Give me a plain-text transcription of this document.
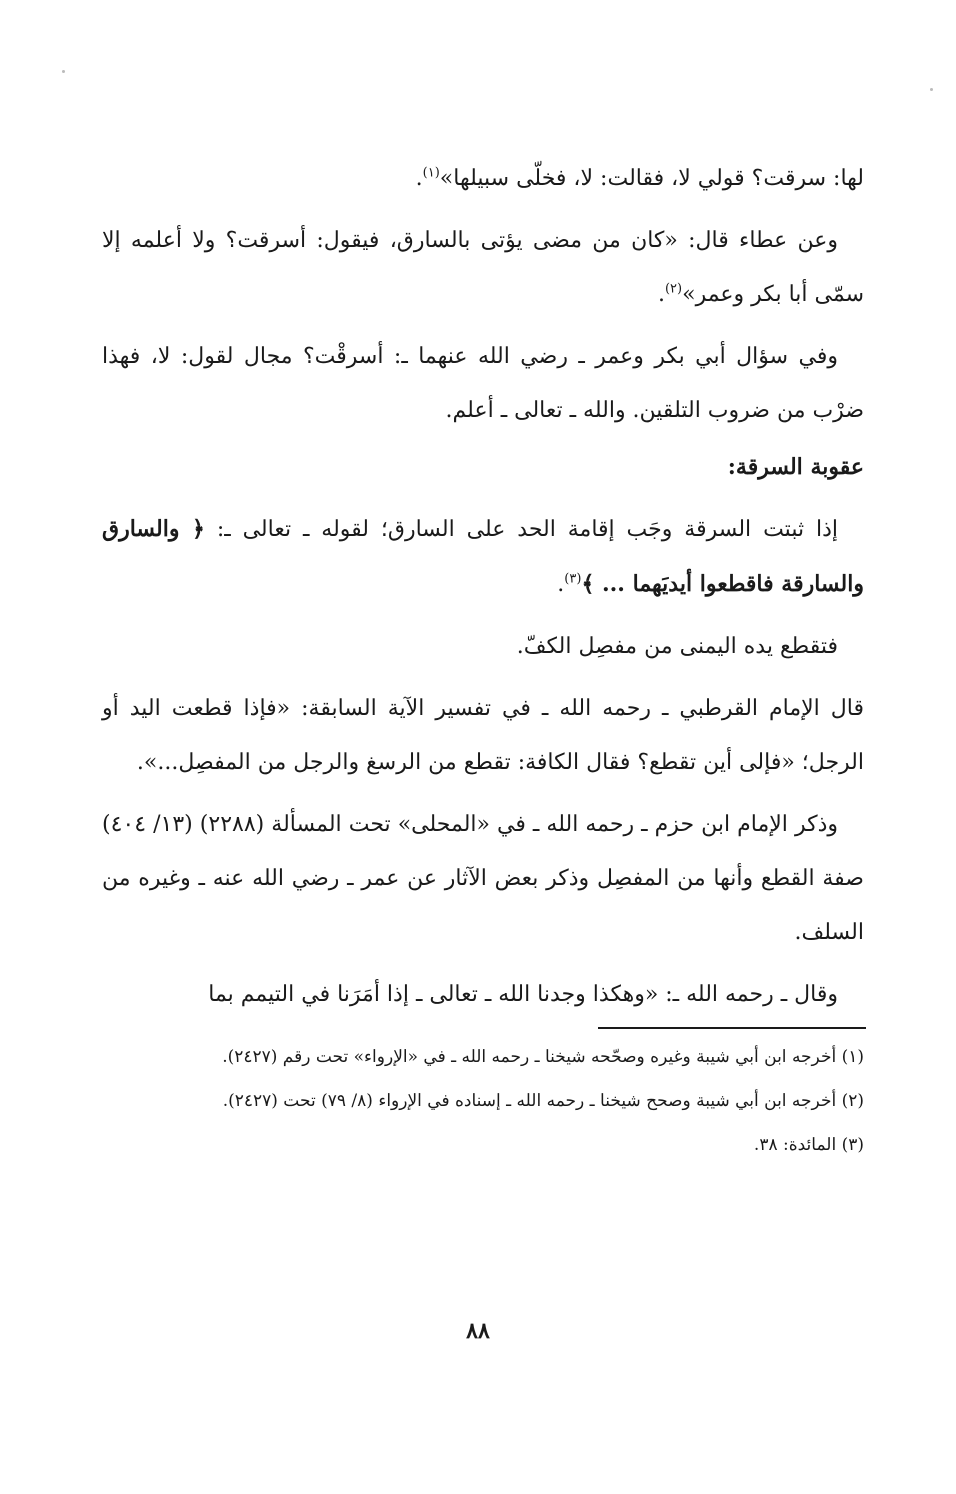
لها: سرقت؟ قولي لا، فقالت: لا، فخلّى سبيلها»$^{(١)}$.

وعن عطاء قال: «كان من مضى يؤتى بالسارق، فيقول: أسرقت؟ ولا أعلمه إلا سمّى أبا بكر وعمر»$^{(٢)}$.

وفي سؤال أبي بكر وعمر ـ رضي الله عنهما ـ: أسرقْت؟ مجال لقول: لا، فهذا ضرْب من ضروب التلقين. والله ـ تعالى ـ أعلم.

عقوبة السرقة:

إذا ثبتت السرقة وجَب إقامة الحد على السارق؛ لقوله ـ تعالى ـ: ﴿ والسارق والسارقة فاقطعوا أيديَهما ... ﴾$^{(٣)}$.

فتقطع يده اليمنى من مفصِل الكفّ.

قال الإمام القرطبي ـ رحمه الله ـ في تفسير الآية السابقة: «فإذا قطعت اليد أو الرجل؛ «فإلى أين تقطع؟ فقال الكافة: تقطع من الرسغ والرجل من المفصِل...».

وذكر الإمام ابن حزم ـ رحمه الله ـ في «المحلى» تحت المسألة (٢٢٨٨) (١٣/ ٤٠٤) صفة القطع وأنها من المفصِل وذكر بعض الآثار عن عمر ـ رضي الله عنه ـ وغيره من السلف.

وقال ـ رحمه الله ـ: «وهكذا وجدنا الله ـ تعالى ـ إذا أمَرَنا في التيمم بما

(١) أخرجه ابن أبي شيبة وغيره وصحّحه شيخنا ـ رحمه الله ـ في «الإرواء» تحت رقم (٢٤٢٧).

(٢) أخرجه ابن أبي شيبة وصحح شيخنا ـ رحمه الله ـ إسناده في الإرواء (٨/ ٧٩) تحت (٢٤٢٧).

(٣) المائدة: ٣٨.

٨٨
